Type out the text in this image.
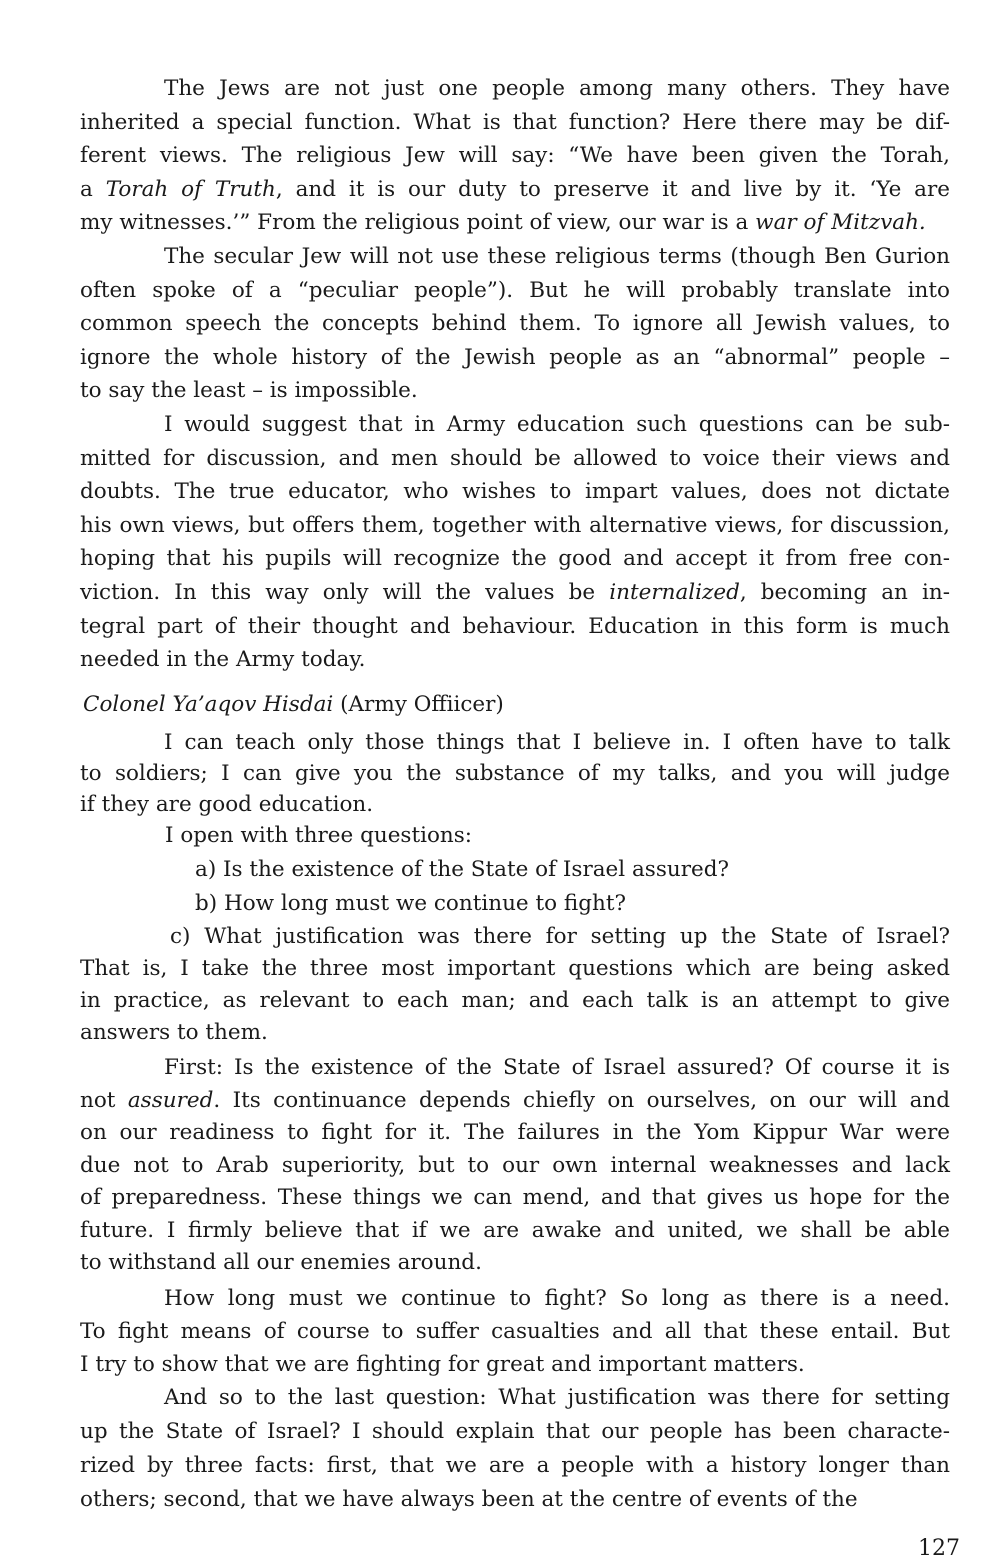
The Jews are not just one people among many others. They have
inherited a special function. What is that function? Here there may be dif-
ferent views. The religious Jew will say: “We have been given the Torah,
a Torah of Truth, and it is our duty to preserve it and live by it. ‘Ye are
my witnesses.’” From the religious point of view, our war is a war of Mitzvah.
The secular Jew will not use these religious terms (though Ben Gurion
often spoke of a “peculiar people”). But he will probably translate into
common speech the concepts behind them. To ignore all Jewish values, to
ignore the whole history of the Jewish people as an “abnormal” people –
to say the least – is impossible.
I would suggest that in Army education such questions can be sub-
mitted for discussion, and men should be allowed to voice their views and
doubts. The true educator, who wishes to impart values, does not dictate
his own views, but offers them, together with alternative views, for discussion,
hoping that his pupils will recognize the good and accept it from free con-
viction. In this way only will the values be internalized, becoming an in-
tegral part of their thought and behaviour. Education in this form is much
needed in the Army today.

Colonel Ya’aqov Hisdai (Army Offiicer)

I can teach only those things that I believe in. I often have to talk
to soldiers; I can give you the substance of my talks, and you will judge
if they are good education.

I open with three questions:

a) Is the existence of the State of Israel assured?

b) How long must we continue to fight?

c) What justification was there for setting up the State of Israel?
That is, I take the three most important questions which are being asked
in practice, as relevant to each man; and each talk is an attempt to give
answers to them.
First: Is the existence of the State of Israel assured? Of course it is
not assured. Its continuance depends chiefly on ourselves, on our will and
on our readiness to fight for it. The failures in the Yom Kippur War were
due not to Arab superiority, but to our own internal weaknesses and lack
of preparedness. These things we can mend, and that gives us hope for the
future. I firmly believe that if we are awake and united, we shall be able
to withstand all our enemies around.
How long must we continue to fight? So long as there is a need.
To fight means of course to suffer casualties and all that these entail. But
I try to show that we are fighting for great and important matters.
And so to the last question: What justification was there for setting
up the State of Israel? I should explain that our people has been characte-
rized by three facts: first, that we are a people with a history longer than
others; second, that we have always been at the centre of events of the

127
